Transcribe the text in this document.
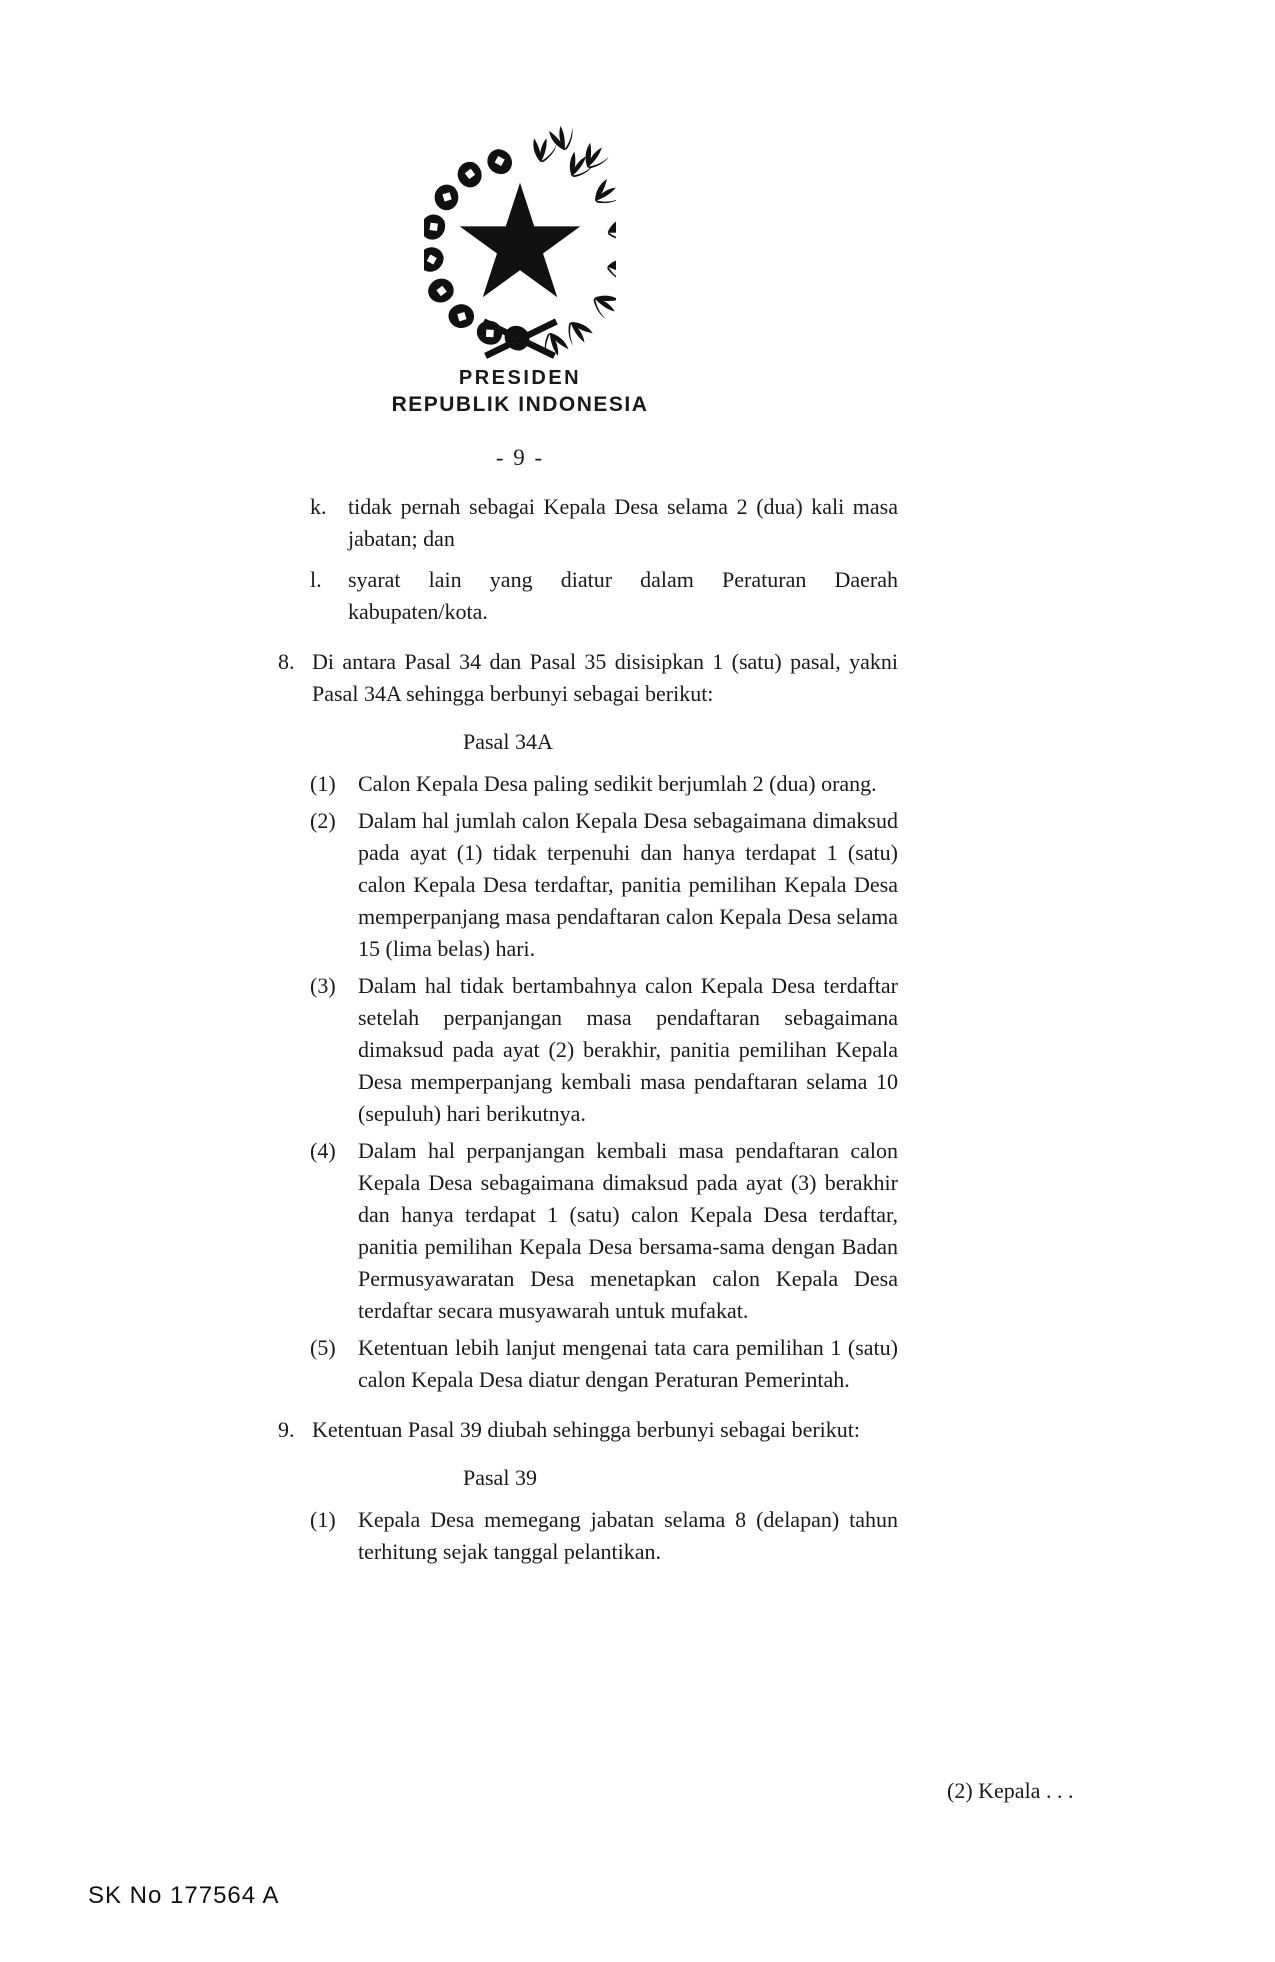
PRESIDEN
REPUBLIK INDONESIA
- 9 -
k. tidak pernah sebagai Kepala Desa selama 2 (dua) kali masa jabatan; dan
l.	syarat lain yang diatur dalam Peraturan Daerah kabupaten/kota.
8. Di antara Pasal 34 dan Pasal 35 disisipkan 1 (satu) pasal, yakni Pasal 34A sehingga berbunyi sebagai berikut:
Pasal 34A
(1)	Calon Kepala Desa paling sedikit berjumlah 2 (dua) orang.
(2)	Dalam hal jumlah calon Kepala Desa sebagaimana dimaksud pada ayat (1) tidak terpenuhi dan hanya terdapat 1 (satu) calon Kepala Desa terdaftar, panitia pemilihan Kepala Desa memperpanjang masa pendaftaran calon Kepala Desa selama 15 (lima belas) hari.
(3)	Dalam hal tidak bertambahnya calon Kepala Desa terdaftar setelah perpanjangan masa pendaftaran sebagaimana dimaksud pada ayat (2) berakhir, panitia pemilihan Kepala Desa memperpanjang kembali masa pendaftaran selama 10 (sepuluh) hari berikutnya.
(4)	Dalam hal perpanjangan kembali masa pendaftaran calon Kepala Desa sebagaimana dimaksud pada ayat (3) berakhir dan hanya terdapat 1 (satu) calon Kepala Desa terdaftar, panitia pemilihan Kepala Desa bersama-sama dengan Badan Permusyawaratan Desa menetapkan calon Kepala Desa terdaftar secara musyawarah untuk mufakat.
(5)	Ketentuan lebih lanjut mengenai tata cara pemilihan 1 (satu) calon Kepala Desa diatur dengan Peraturan Pemerintah.
9. Ketentuan Pasal 39 diubah sehingga berbunyi sebagai berikut:
Pasal 39
(1)	Kepala Desa memegang jabatan selama 8 (delapan) tahun terhitung sejak tanggal pelantikan.
(2) Kepala . . .
SK No 177564 A
